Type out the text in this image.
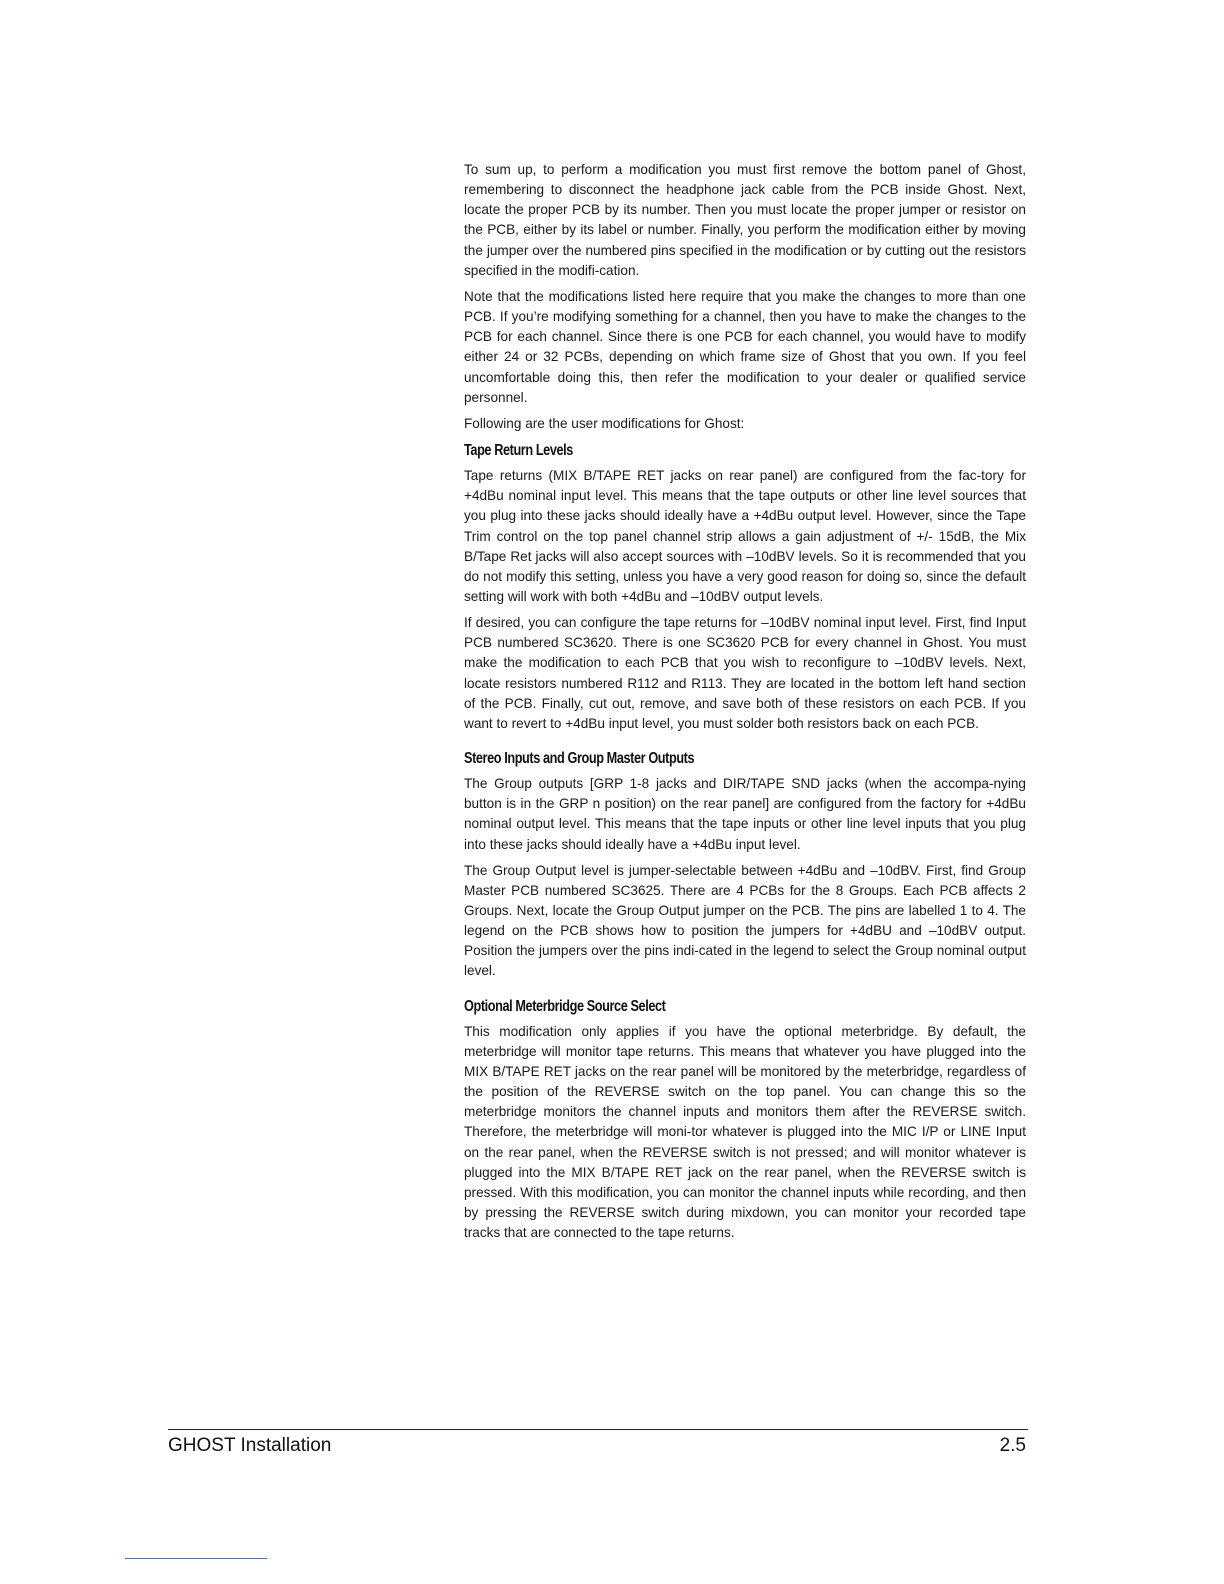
To sum up, to perform a modification you must first remove the bottom panel of Ghost, remembering to disconnect the headphone jack cable from the PCB inside Ghost. Next, locate the proper PCB by its number. Then you must locate the proper jumper or resistor on the PCB, either by its label or number. Finally, you perform the modification either by moving the jumper over the numbered pins specified in the modification or by cutting out the resistors specified in the modifi-cation.

Note that the modifications listed here require that you make the changes to more than one PCB. If you’re modifying something for a channel, then you have to make the changes to the PCB for each channel. Since there is one PCB for each channel, you would have to modify either 24 or 32 PCBs, depending on which frame size of Ghost that you own. If you feel uncomfortable doing this, then refer the modification to your dealer or qualified service personnel.

Following are the user modifications for Ghost:

Tape Return Levels

Tape returns (MIX B/TAPE RET jacks on rear panel) are configured from the fac-tory for +4dBu nominal input level. This means that the tape outputs or other line level sources that you plug into these jacks should ideally have a +4dBu output level. However, since the Tape Trim control on the top panel channel strip allows a gain adjustment of +/- 15dB, the Mix B/Tape Ret jacks will also accept sources with –10dBV levels. So it is recommended that you do not modify this setting, unless you have a very good reason for doing so, since the default setting will work with both +4dBu and –10dBV output levels.

If desired, you can configure the tape returns for –10dBV nominal input level. First, find Input PCB numbered SC3620. There is one SC3620 PCB for every channel in Ghost. You must make the modification to each PCB that you wish to reconfigure to –10dBV levels. Next, locate resistors numbered R112 and R113. They are located in the bottom left hand section of the PCB. Finally, cut out, remove, and save both of these resistors on each PCB. If you want to revert to +4dBu input level, you must solder both resistors back on each PCB.

Stereo Inputs and Group Master Outputs

The Group outputs [GRP 1-8 jacks and DIR/TAPE SND jacks (when the accompa-nying button is in the GRP n position) on the rear panel] are configured from the factory for +4dBu nominal output level. This means that the tape inputs or other line level inputs that you plug into these jacks should ideally have a +4dBu input level.

The Group Output level is jumper-selectable between +4dBu and –10dBV. First, find Group Master PCB numbered SC3625. There are 4 PCBs for the 8 Groups. Each PCB affects 2 Groups. Next, locate the Group Output jumper on the PCB. The pins are labelled 1 to 4. The legend on the PCB shows how to position the jumpers for +4dBU and –10dBV output. Position the jumpers over the pins indi-cated in the legend to select the Group nominal output level.

Optional Meterbridge Source Select

This modification only applies if you have the optional meterbridge. By default, the meterbridge will monitor tape returns. This means that whatever you have plugged into the MIX B/TAPE RET jacks on the rear panel will be monitored by the meterbridge, regardless of the position of the REVERSE switch on the top panel. You can change this so the meterbridge monitors the channel inputs and monitors them after the REVERSE switch. Therefore, the meterbridge will moni-tor whatever is plugged into the MIC I/P or LINE Input on the rear panel, when the REVERSE switch is not pressed; and will monitor whatever is plugged into the MIX B/TAPE RET jack on the rear panel, when the REVERSE switch is pressed. With this modification, you can monitor the channel inputs while recording, and then by pressing the REVERSE switch during mixdown, you can monitor your recorded tape tracks that are connected to the tape returns.

GHOST Installation	2.5
